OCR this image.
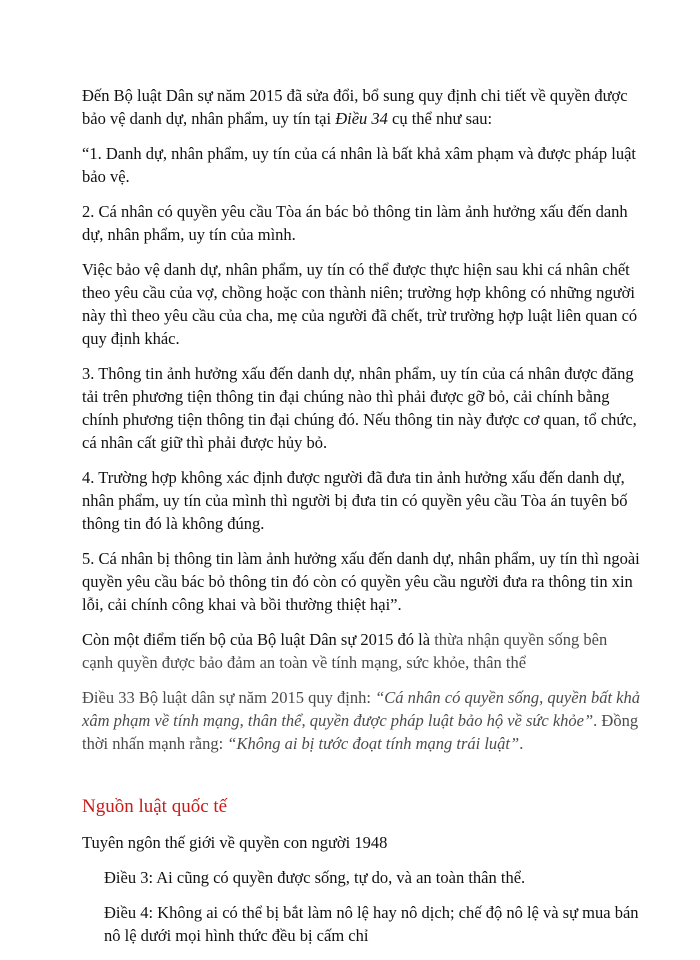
Đến Bộ luật Dân sự năm 2015 đã sửa đổi, bổ sung quy định chi tiết về quyền được bảo vệ danh dự, nhân phẩm, uy tín tại Điều 34 cụ thể như sau:

“1. Danh dự, nhân phẩm, uy tín của cá nhân là bất khả xâm phạm và được pháp luật bảo vệ.

2. Cá nhân có quyền yêu cầu Tòa án bác bỏ thông tin làm ảnh hưởng xấu đến danh dự, nhân phẩm, uy tín của mình.

Việc bảo vệ danh dự, nhân phẩm, uy tín có thể được thực hiện sau khi cá nhân chết theo yêu cầu của vợ, chồng hoặc con thành niên; trường hợp không có những người này thì theo yêu cầu của cha, mẹ của người đã chết, trừ trường hợp luật liên quan có quy định khác.

3. Thông tin ảnh hưởng xấu đến danh dự, nhân phẩm, uy tín của cá nhân được đăng tải trên phương tiện thông tin đại chúng nào thì phải được gỡ bỏ, cải chính bằng chính phương tiện thông tin đại chúng đó. Nếu thông tin này được cơ quan, tổ chức, cá nhân cất giữ thì phải được hủy bỏ.

4. Trường hợp không xác định được người đã đưa tin ảnh hưởng xấu đến danh dự, nhân phẩm, uy tín của mình thì người bị đưa tin có quyền yêu cầu Tòa án tuyên bố thông tin đó là không đúng.

5. Cá nhân bị thông tin làm ảnh hưởng xấu đến danh dự, nhân phẩm, uy tín thì ngoài quyền yêu cầu bác bỏ thông tin đó còn có quyền yêu cầu người đưa ra thông tin xin lỗi, cải chính công khai và bồi thường thiệt hại”.

Còn một điểm tiến bộ của Bộ luật Dân sự 2015 đó là thừa nhận quyền sống bên cạnh quyền được bảo đảm an toàn về tính mạng, sức khỏe, thân thể

Điều 33 Bộ luật dân sự năm 2015 quy định: “Cá nhân có quyền sống, quyền bất khả xâm phạm về tính mạng, thân thể, quyền được pháp luật bảo hộ về sức khỏe”. Đồng thời nhấn mạnh rằng: “Không ai bị tước đoạt tính mạng trái luật”.

Nguồn luật quốc tế

Tuyên ngôn thế giới về quyền con người 1948

Điều 3: Ai cũng có quyền được sống, tự do, và an toàn thân thể.

Điều 4: Không ai có thể bị bắt làm nô lệ hay nô dịch; chế độ nô lệ và sự mua bán nô lệ dưới mọi hình thức đều bị cấm chỉ
